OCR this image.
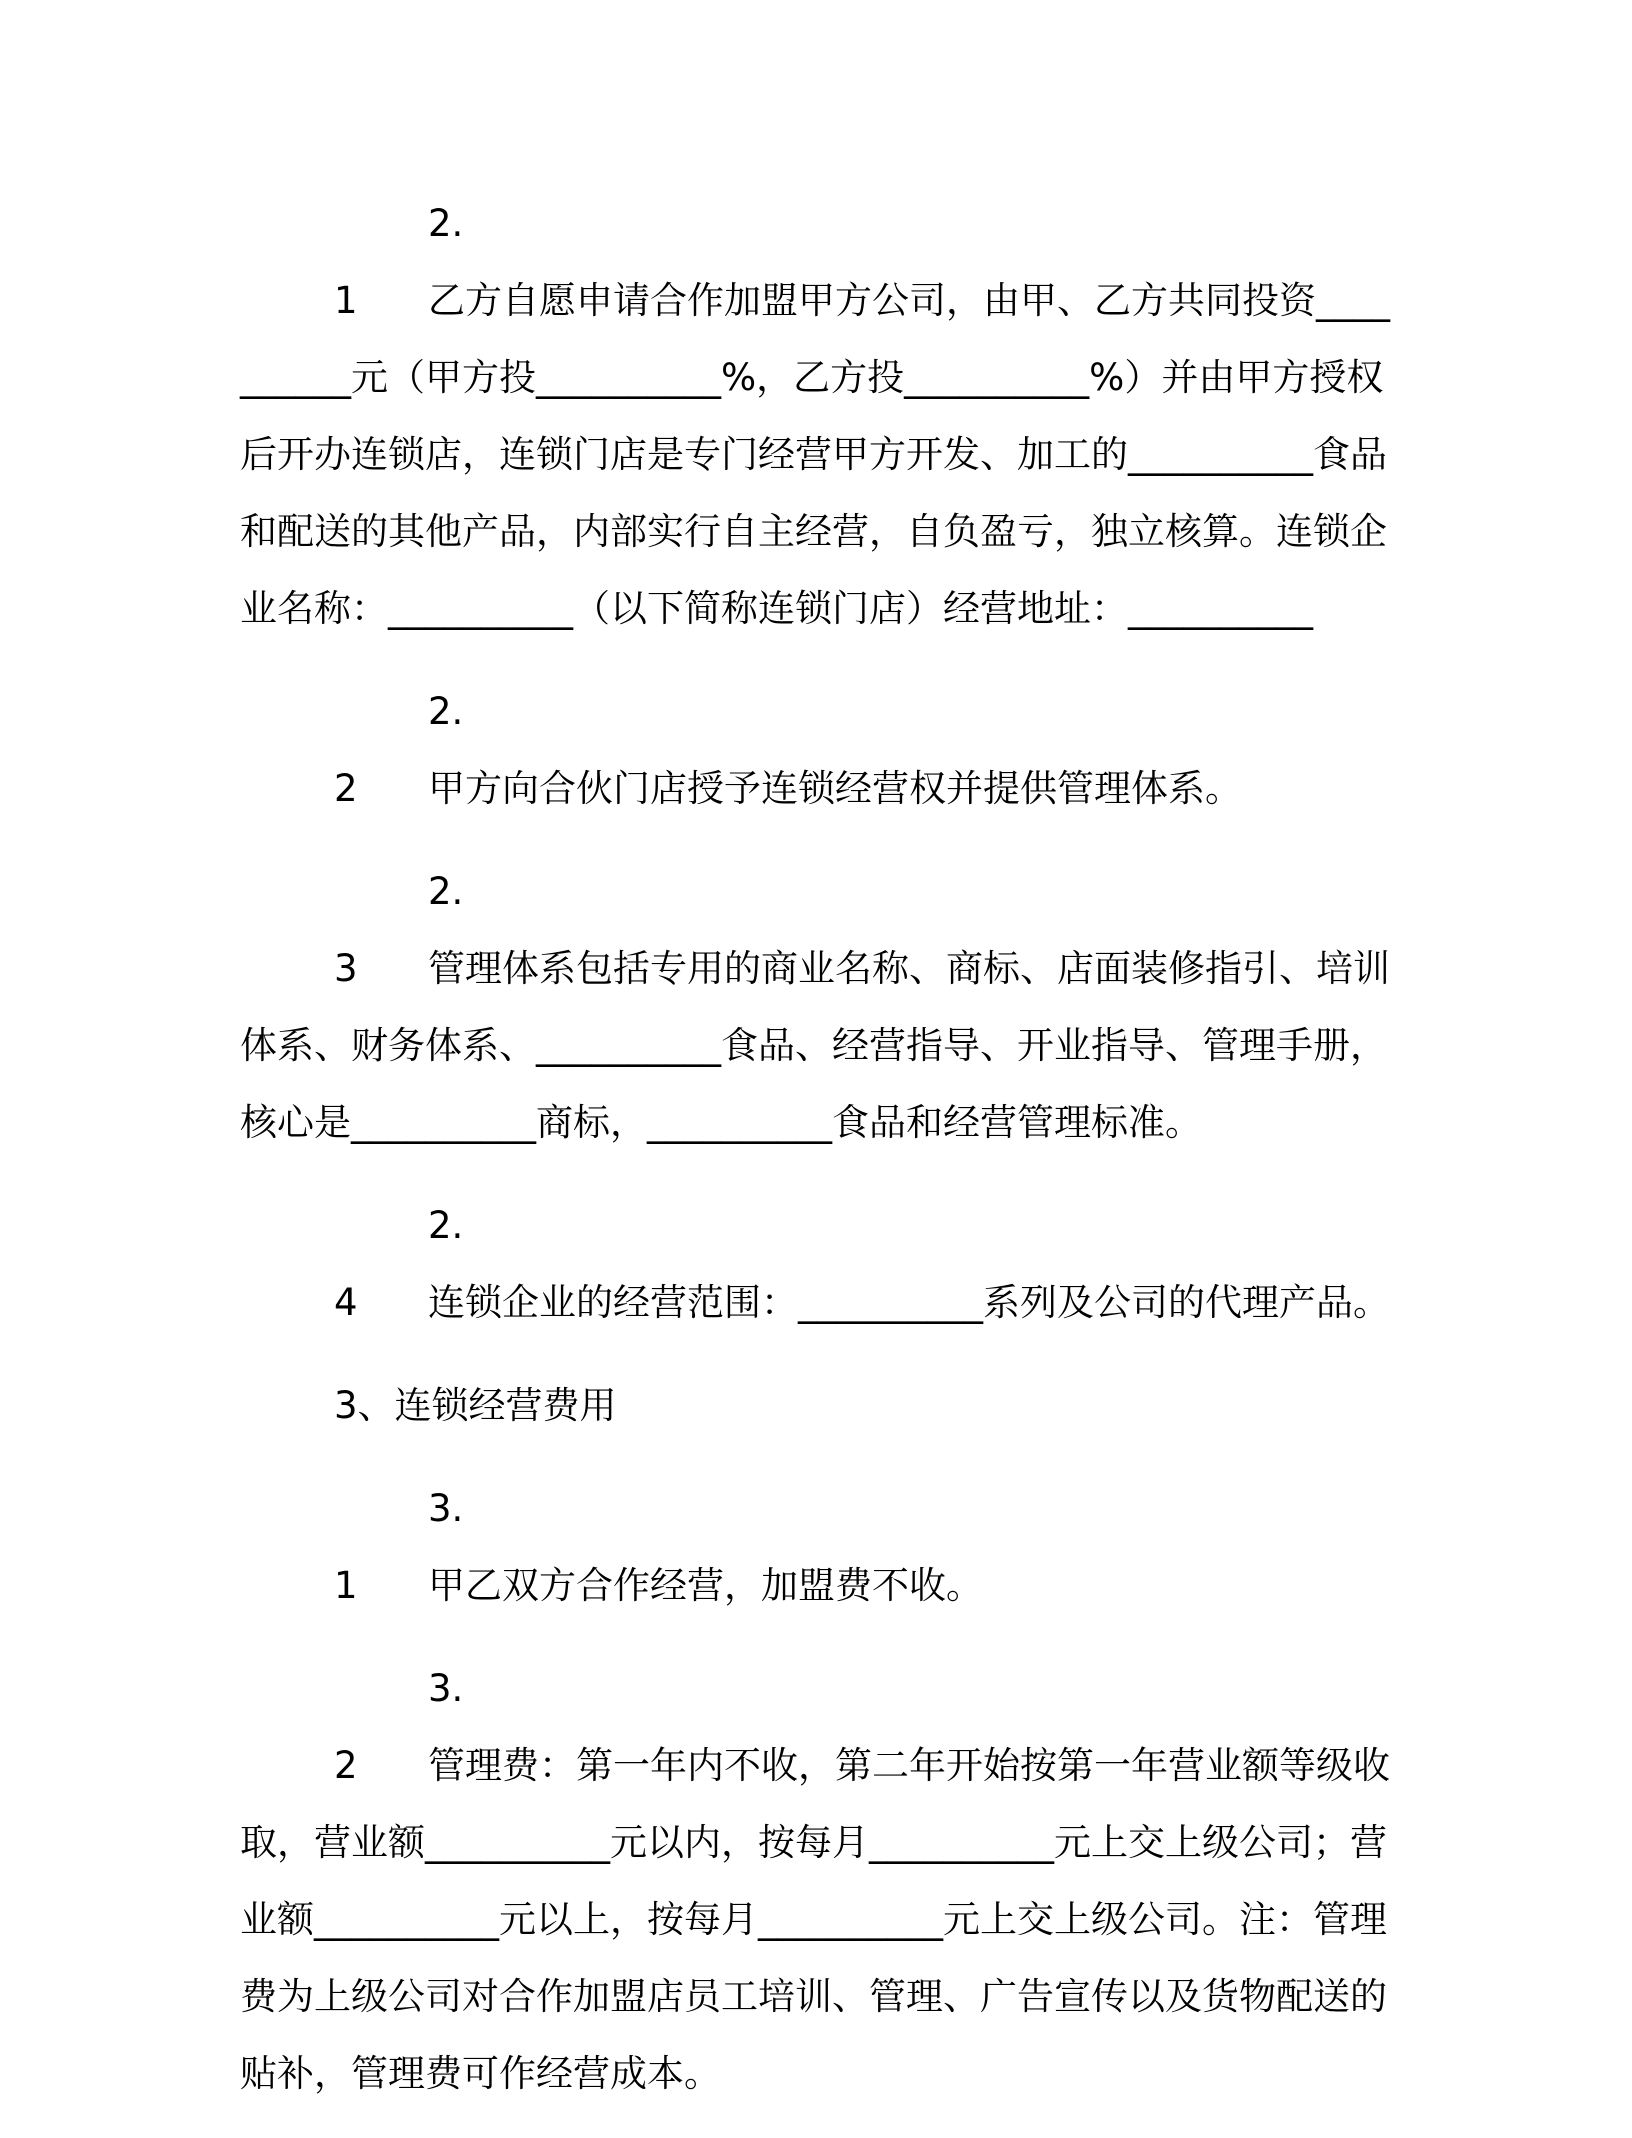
2.1 乙方自愿申请合作加盟甲方公司，由甲、乙方共同投资__________元（甲方投__________%，乙方投__________%）并由甲方授权后开办连锁店，连锁门店是专门经营甲方开发、加工的__________食品和配送的其他产品，内部实行自主经营，自负盈亏，独立核算。连锁企业名称：__________（以下简称连锁门店）经营地址：__________

2.2 甲方向合伙门店授予连锁经营权并提供管理体系。

2.3 管理体系包括专用的商业名称、商标、店面装修指引、培训体系、财务体系、__________食品、经营指导、开业指导、管理手册，核心是__________商标，__________食品和经营管理标准。

2.4 连锁企业的经营范围：__________系列及公司的代理产品。

3、连锁经营费用

3.1 甲乙双方合作经营，加盟费不收。

3.2 管理费：第一年内不收，第二年开始按第一年营业额等级收取，营业额__________元以内，按每月__________元上交上级公司；营业额__________元以上，按每月__________元上交上级公司。注：管理费为上级公司对合作加盟店员工培训、管理、广告宣传以及货物配送的贴补，管理费可作经营成本。
